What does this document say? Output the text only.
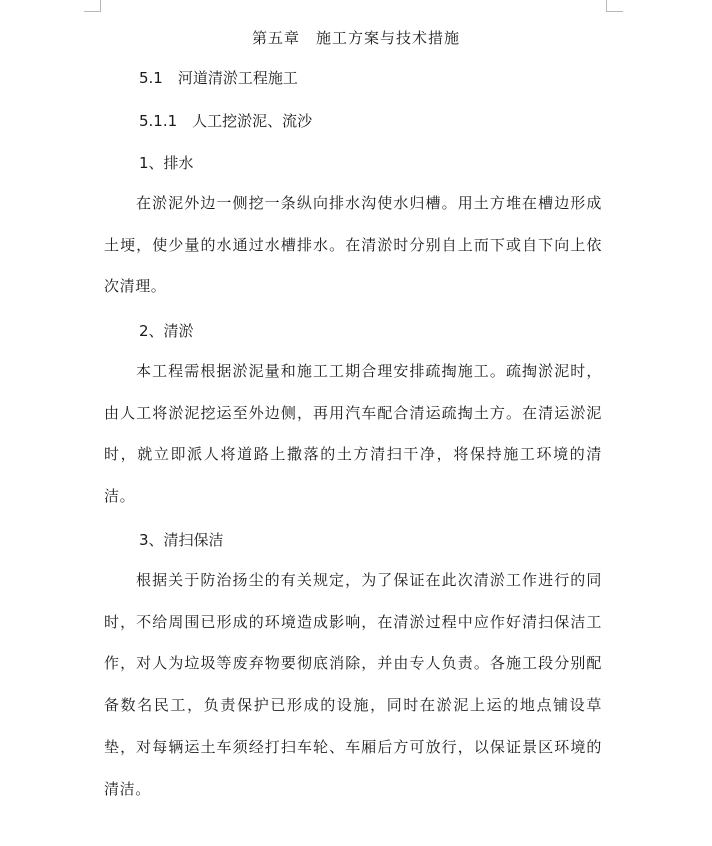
第五章　施工方案与技术措施
5.1　河道清淤工程施工
5.1.1　人工挖淤泥、流沙
1、排水
在淤泥外边一侧挖一条纵向排水沟使水归槽。用土方堆在槽边形成土埂，使少量的水通过水槽排水。在清淤时分别自上而下或自下向上依次清理。
2、清淤
本工程需根据淤泥量和施工工期合理安排疏掏施工。疏掏淤泥时，由人工将淤泥挖运至外边侧，再用汽车配合清运疏掏土方。在清运淤泥时，就立即派人将道路上撒落的土方清扫干净，将保持施工环境的清洁。
3、清扫保洁
根据关于防治扬尘的有关规定，为了保证在此次清淤工作进行的同时，不给周围已形成的环境造成影响，在清淤过程中应作好清扫保洁工作，对人为垃圾等废弃物要彻底消除，并由专人负责。各施工段分别配备数名民工，负责保护已形成的设施，同时在淤泥上运的地点铺设草垫，对每辆运土车须经打扫车轮、车厢后方可放行，以保证景区环境的清洁。
